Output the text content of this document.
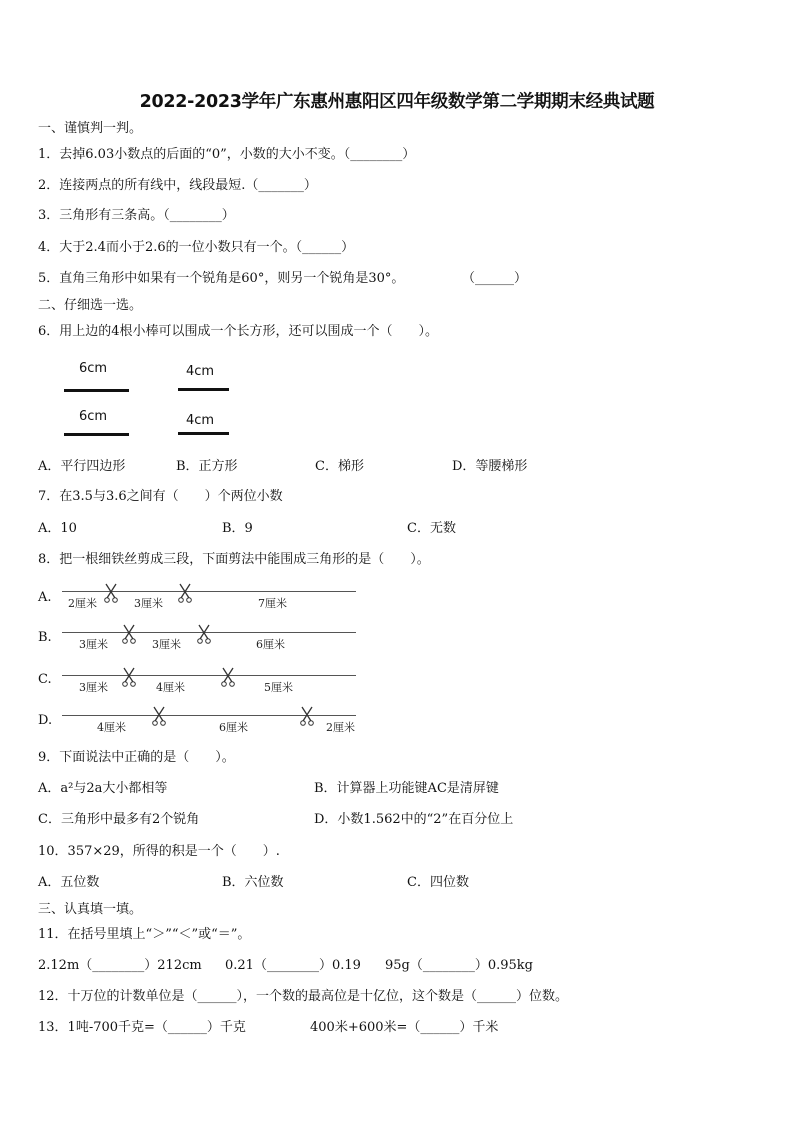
2022-2023学年广东惠州惠阳区四年级数学第二学期期末经典试题
一、谨慎判一判。
1．去掉6.03小数点的后面的“0”，小数的大小不变。（________）
2．连接两点的所有线中，线段最短.（_______）
3．三角形有三条高。（________）
4．大于2.4而小于2.6的一位小数只有一个。（______）
5．直角三角形中如果有一个锐角是60°，则另一个锐角是30°。	（______）
二、仔细选一选。
6．用上边的4根小棒可以围成一个长方形，还可以围成一个（　　）。
6cm	4cm
6cm	4cm
A．平行四边形	B．正方形	C．梯形	D．等腰梯形
7．在3.5与3.6之间有（　　）个两位小数
A．10	B．9	C．无数
8．把一根细铁丝剪成三段，下面剪法中能围成三角形的是（　　）。
A. 2厘米	3厘米	7厘米
B. 3厘米	3厘米	6厘米
C.
3厘米	4厘米	5厘米
D.	4厘米	6厘米	2厘米
9．下面说法中正确的是（　　）。
A．a²与2a大小都相等	B．计算器上功能键AC是清屏键
C．三角形中最多有2个锐角	D．小数1.562中的“2”在百分位上
10．357×29，所得的积是一个（　　）.
A．五位数	B．六位数	C．四位数
三、认真填一填。
11．在括号里填上“＞”“＜”或“＝”。
2.12m（________）212cm 0.21（________）0.19 95g（________）0.95kg
12．十万位的计数单位是（______），一个数的最高位是十亿位，这个数是（______）位数。
13．1吨-700千克=（______）千克	400米+600米=（______）千米
